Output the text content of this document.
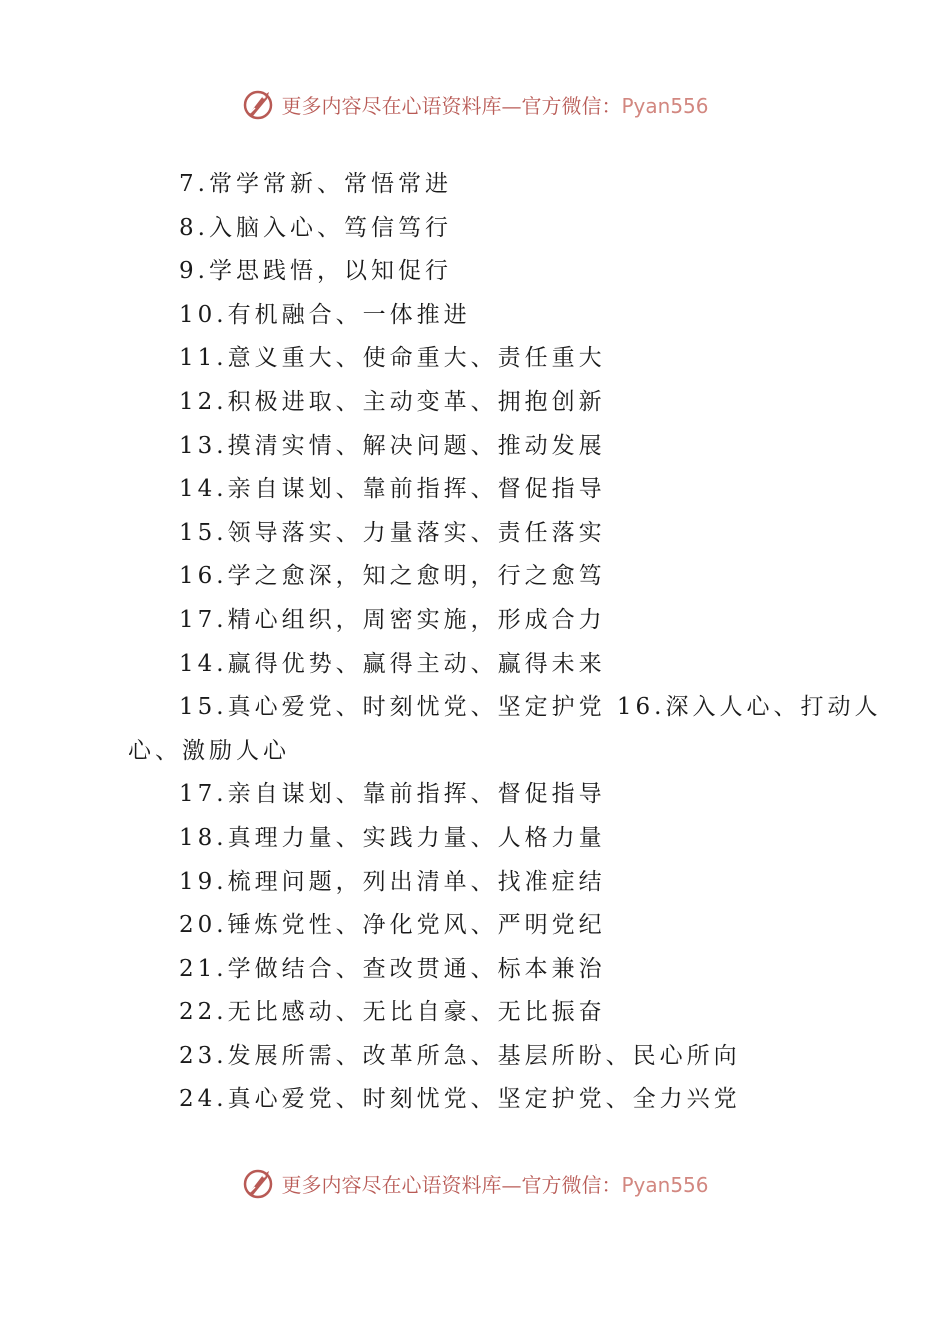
更多内容尽在心语资料库—官方微信：Pyan556
7.常学常新、常悟常进
8.入脑入心、笃信笃行
9.学思践悟，以知促行
10.有机融合、一体推进
11.意义重大、使命重大、责任重大
12.积极进取、主动变革、拥抱创新
13.摸清实情、解决问题、推动发展
14.亲自谋划、靠前指挥、督促指导
15.领导落实、力量落实、责任落实
16.学之愈深，知之愈明，行之愈笃
17.精心组织，周密实施，形成合力
14.赢得优势、赢得主动、赢得未来
15.真心爱党、时刻忧党、坚定护党 16.深入人心、打动人
心、激励人心
17.亲自谋划、靠前指挥、督促指导
18.真理力量、实践力量、人格力量
19.梳理问题，列出清单、找准症结
20.锤炼党性、净化党风、严明党纪
21.学做结合、查改贯通、标本兼治
22.无比感动、无比自豪、无比振奋
23.发展所需、改革所急、基层所盼、民心所向
24.真心爱党、时刻忧党、坚定护党、全力兴党
更多内容尽在心语资料库—官方微信：Pyan556
